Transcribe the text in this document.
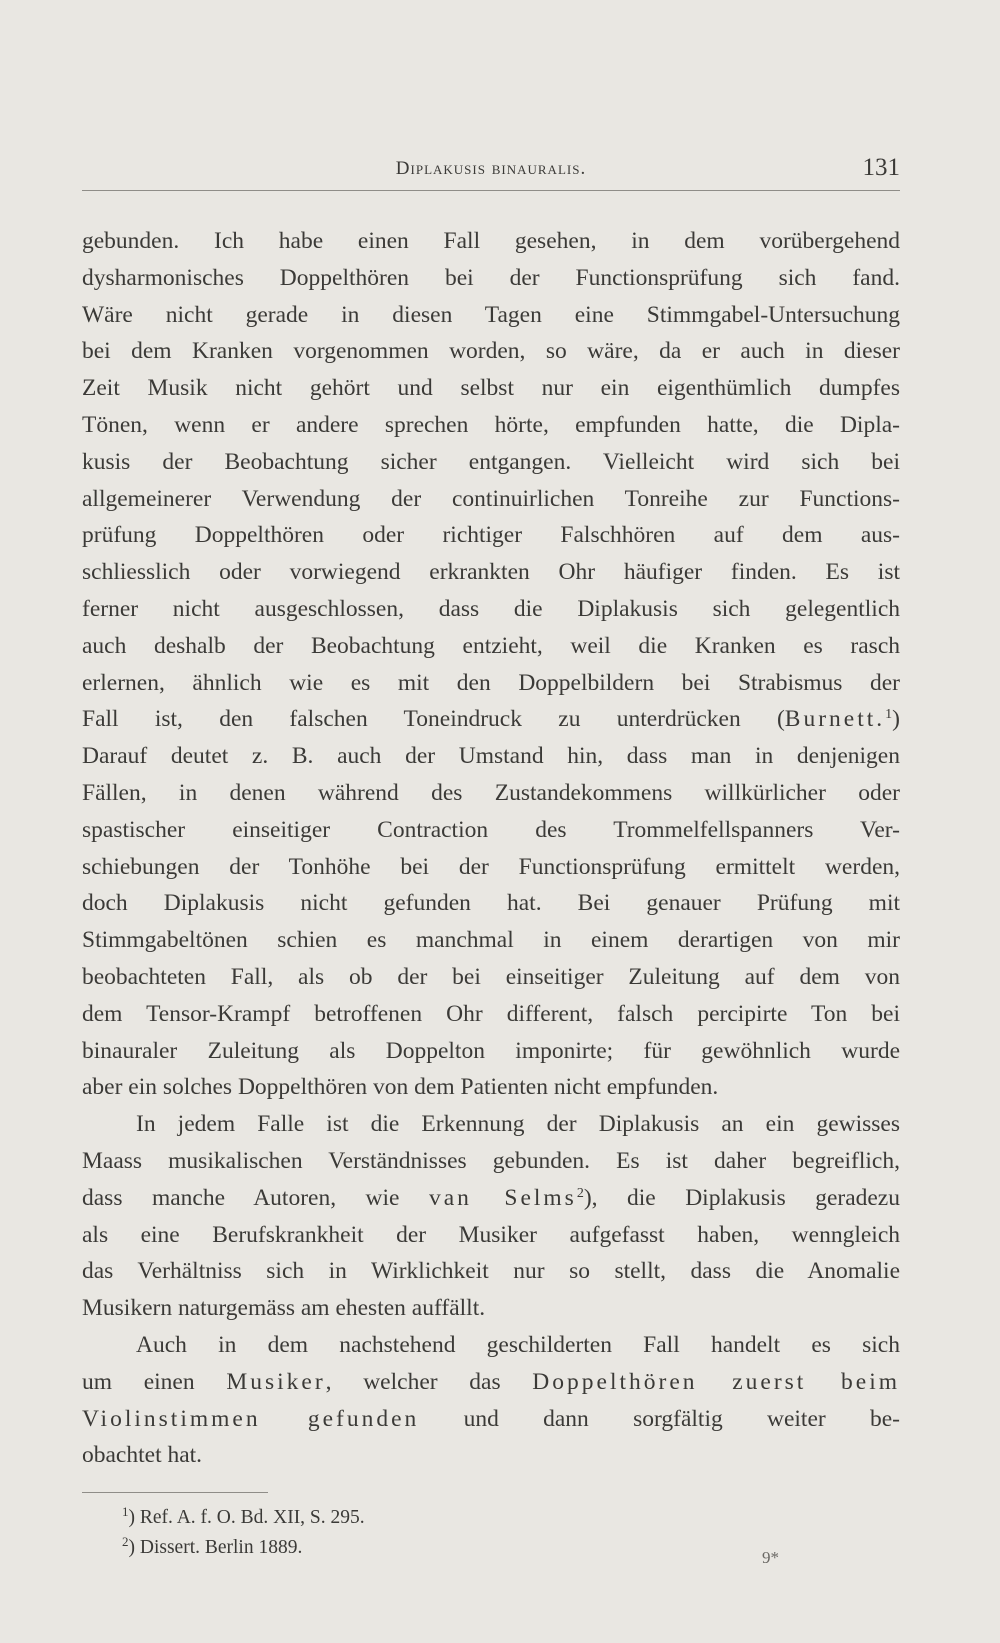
Diplakusis binauralis.	131
gebunden. Ich habe einen Fall gesehen, in dem vorübergehend
dysharmonisches Doppelthören bei der Functionsprüfung sich fand.
Wäre nicht gerade in diesen Tagen eine Stimmgabel-Untersuchung
bei dem Kranken vorgenommen worden, so wäre, da er auch in dieser
Zeit Musik nicht gehört und selbst nur ein eigenthümlich dumpfes
Tönen, wenn er andere sprechen hörte, empfunden hatte, die Dipla-
kusis der Beobachtung sicher entgangen. Vielleicht wird sich bei
allgemeinerer Verwendung der continuirlichen Tonreihe zur Functions-
prüfung Doppelthören oder richtiger Falschhören auf dem aus-
schliesslich oder vorwiegend erkrankten Ohr häufiger finden. Es ist
ferner nicht ausgeschlossen, dass die Diplakusis sich gelegentlich
auch deshalb der Beobachtung entzieht, weil die Kranken es rasch
erlernen, ähnlich wie es mit den Doppelbildern bei Strabismus der
Fall ist, den falschen Toneindruck zu unterdrücken (Burnett.$^1$)
Darauf deutet z. B. auch der Umstand hin, dass man in denjenigen
Fällen, in denen während des Zustandekommens willkürlicher oder
spastischer einseitiger Contraction des Trommelfellspanners Ver-
schiebungen der Tonhöhe bei der Functionsprüfung ermittelt werden,
doch Diplakusis nicht gefunden hat. Bei genauer Prüfung mit
Stimmgabeltönen schien es manchmal in einem derartigen von mir
beobachteten Fall, als ob der bei einseitiger Zuleitung auf dem von
dem Tensor-Krampf betroffenen Ohr different, falsch percipirte Ton bei
binauraler Zuleitung als Doppelton imponirte; für gewöhnlich wurde
aber ein solches Doppelthören von dem Patienten nicht empfunden.
In jedem Falle ist die Erkennung der Diplakusis an ein gewisses
Maass musikalischen Verständnisses gebunden. Es ist daher begreiflich,
dass manche Autoren, wie van Selms$^2$), die Diplakusis geradezu
als eine Berufskrankheit der Musiker aufgefasst haben, wenngleich
das Verhältniss sich in Wirklichkeit nur so stellt, dass die Anomalie
Musikern naturgemäss am ehesten auffällt.
Auch in dem nachstehend geschilderten Fall handelt es sich
um einen Musiker, welcher das Doppelthören zuerst beim
Violinstimmen gefunden und dann sorgfältig weiter be-
obachtet hat.
$^1$) Ref. A. f. O. Bd. XII, S. 295.
$^2$) Dissert. Berlin 1889.	9*
